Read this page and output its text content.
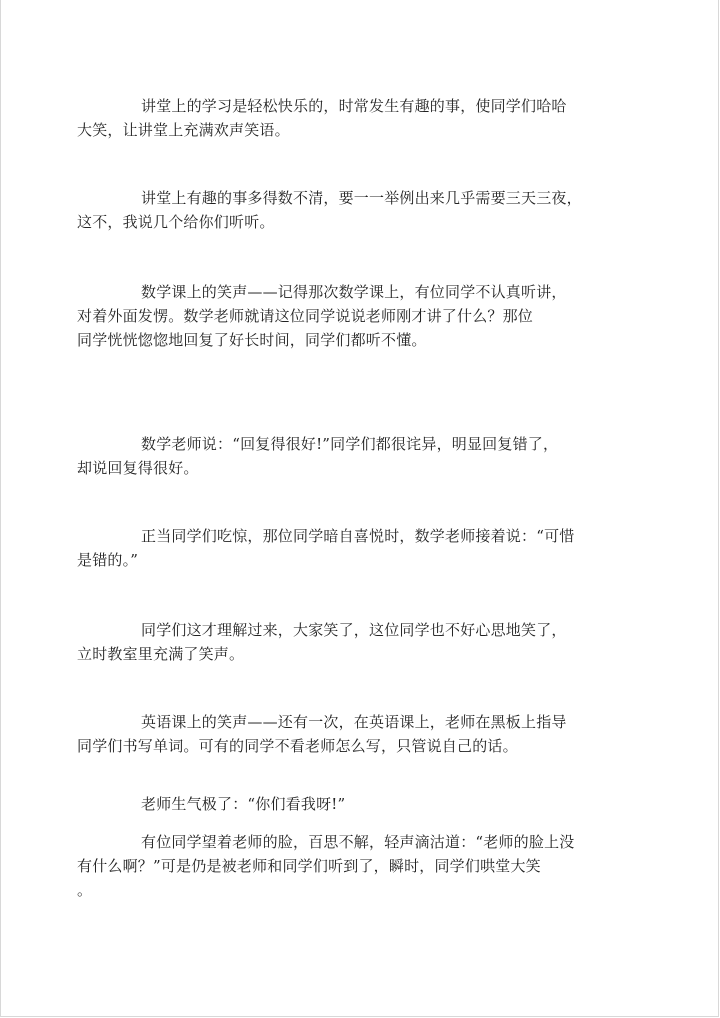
讲堂上的学习是轻松快乐的，时常发生有趣的事，使同学们哈哈
大笑，让讲堂上充满欢声笑语。
讲堂上有趣的事多得数不清，要一一举例出来几乎需要三天三夜，
这不，我说几个给你们听听。
数学课上的笑声——记得那次数学课上，有位同学不认真听讲，
对着外面发愣。数学老师就请这位同学说说老师刚才讲了什么？那位
同学恍恍惚惚地回复了好长时间，同学们都听不懂。
数学老师说：“回复得很好!”同学们都很诧异，明显回复错了，
却说回复得很好。
正当同学们吃惊，那位同学暗自喜悦时，数学老师接着说：“可惜
是错的。”
同学们这才理解过来，大家笑了，这位同学也不好心思地笑了，
立时教室里充满了笑声。
英语课上的笑声——还有一次，在英语课上，老师在黑板上指导
同学们书写单词。可有的同学不看老师怎么写，只管说自己的话。
老师生气极了：“你们看我呀!”
有位同学望着老师的脸，百思不解，轻声滴沽道：“老师的脸上没
有什么啊？”可是仍是被老师和同学们听到了，瞬时，同学们哄堂大笑
。
